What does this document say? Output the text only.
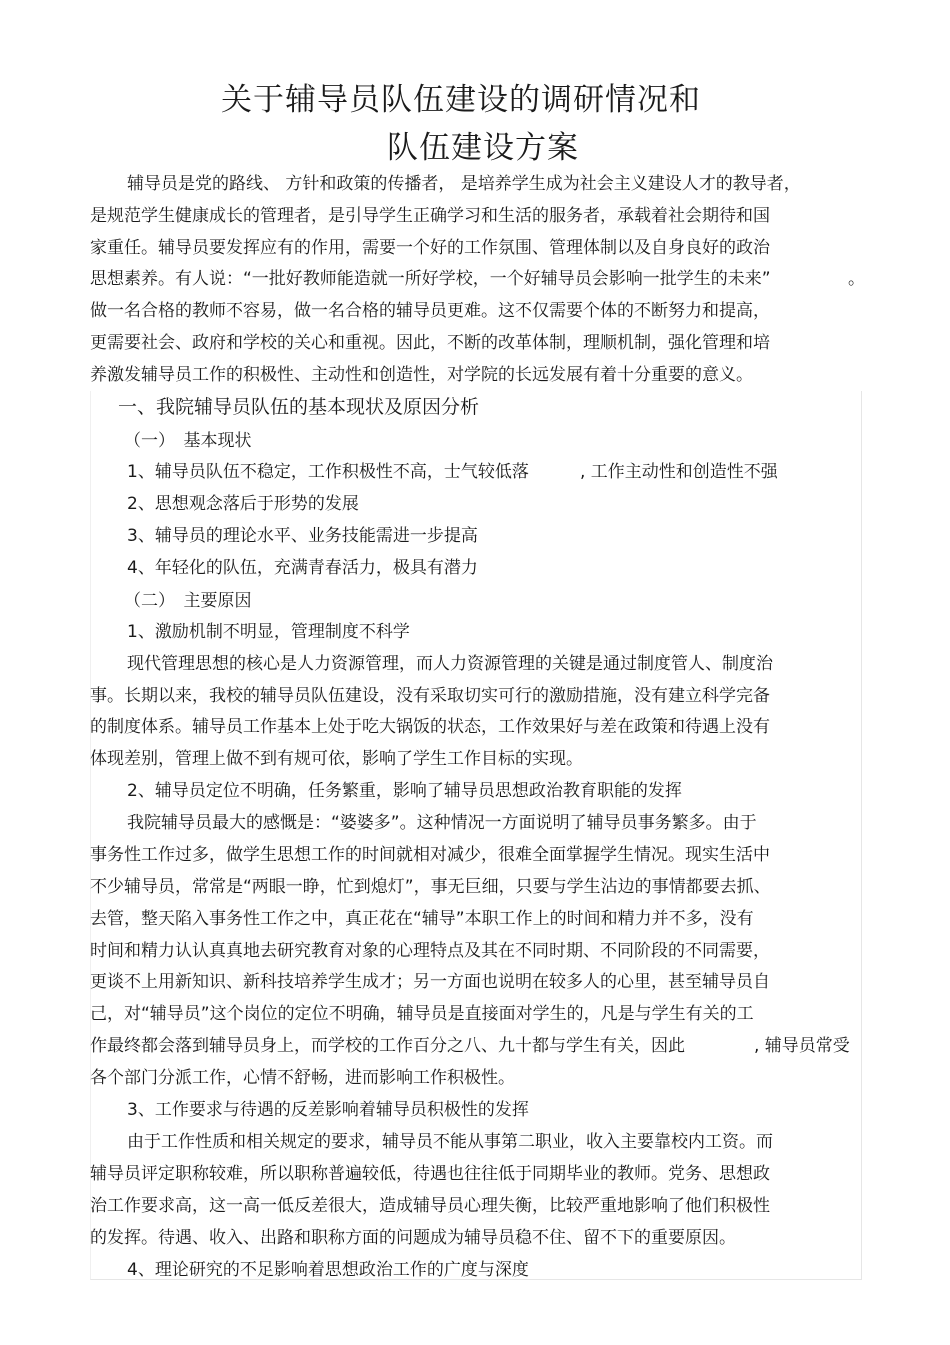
关于辅导员队伍建设的调研情况和
队伍建设方案
辅导员是党的路线、 方针和政策的传播者， 是培养学生成为社会主义建设人才的教导者，
是规范学生健康成长的管理者，是引导学生正确学习和生活的服务者，承载着社会期待和国
家重任。辅导员要发挥应有的作用，需要一个好的工作氛围、管理体制以及自身良好的政治
思想素养。有人说：“一批好教师能造就一所好学校，一个好辅导员会影响一批学生的未来”	。
做一名合格的教师不容易，做一名合格的辅导员更难。这不仅需要个体的不断努力和提高，
更需要社会、政府和学校的关心和重视。因此，不断的改革体制，理顺机制，强化管理和培
养激发辅导员工作的积极性、主动性和创造性，对学院的长远发展有着十分重要的意义。
一、我院辅导员队伍的基本现状及原因分析
（一）　基本现状
1、辅导员队伍不稳定，工作积极性不高，士气较低落	, 工作主动性和创造性不强
2、思想观念落后于形势的发展
3、辅导员的理论水平、业务技能需进一步提高
4、年轻化的队伍，充满青春活力，极具有潜力
（二）　主要原因
1、激励机制不明显，管理制度不科学
现代管理思想的核心是人力资源管理，而人力资源管理的关键是通过制度管人、制度治
事。长期以来，我校的辅导员队伍建设，没有采取切实可行的激励措施，没有建立科学完备
的制度体系。辅导员工作基本上处于吃大锅饭的状态，工作效果好与差在政策和待遇上没有
体现差别，管理上做不到有规可依，影响了学生工作目标的实现。
2、辅导员定位不明确，任务繁重，影响了辅导员思想政治教育职能的发挥
我院辅导员最大的感慨是：“婆婆多”。这种情况一方面说明了辅导员事务繁多。由于
事务性工作过多，做学生思想工作的时间就相对减少，很难全面掌握学生情况。现实生活中
不少辅导员，常常是“两眼一睁，忙到熄灯”，事无巨细，只要与学生沾边的事情都要去抓、
去管，整天陷入事务性工作之中，真正花在“辅导”本职工作上的时间和精力并不多，没有
时间和精力认认真真地去研究教育对象的心理特点及其在不同时期、不同阶段的不同需要，
更谈不上用新知识、新科技培养学生成才；另一方面也说明在较多人的心里，甚至辅导员自
己，对“辅导员”这个岗位的定位不明确，辅导员是直接面对学生的，凡是与学生有关的工
作最终都会落到辅导员身上，而学校的工作百分之八、九十都与学生有关，因此	, 辅导员常受
各个部门分派工作，心情不舒畅，进而影响工作积极性。
3、工作要求与待遇的反差影响着辅导员积极性的发挥
由于工作性质和相关规定的要求，辅导员不能从事第二职业，收入主要靠校内工资。而
辅导员评定职称较难，所以职称普遍较低，待遇也往往低于同期毕业的教师。党务、思想政
治工作要求高，这一高一低反差很大，造成辅导员心理失衡，比较严重地影响了他们积极性
的发挥。待遇、收入、出路和职称方面的问题成为辅导员稳不住、留不下的重要原因。
4、理论研究的不足影响着思想政治工作的广度与深度
